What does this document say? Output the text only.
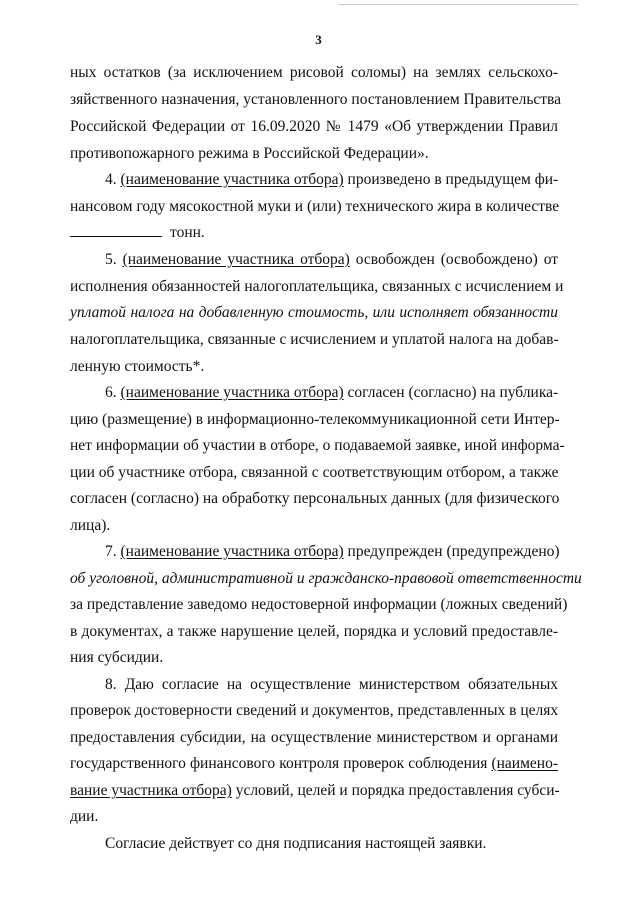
3
ных остатков (за исключением рисовой соломы) на землях сельскохо-
зяйственного назначения, установленного постановлением Правительства
Российской Федерации от 16.09.2020 № 1479 «Об утверждении Правил
противопожарного режима в Российской Федерации».
4. (наименование участника отбора) произведено в предыдущем фи-
нансовом году мясокостной муки и (или) технического жира в количестве
тонн.
5. (наименование участника отбора) освобожден (освобождено) от
исполнения обязанностей налогоплательщика, связанных с исчислением и
уплатой налога на добавленную стоимость, или исполняет обязанности
налогоплательщика, связанные с исчислением и уплатой налога на добав-
ленную стоимость*.
6. (наименование участника отбора) согласен (согласно) на публика-
цию (размещение) в информационно-телекоммуникационной сети Интер-
нет информации об участии в отборе, о подаваемой заявке, иной информа-
ции об участнике отбора, связанной с соответствующим отбором, а также
согласен (согласно) на обработку персональных данных (для физического
лица).
7. (наименование участника отбора) предупрежден (предупреждено)
об уголовной, административной и гражданско-правовой ответственности
за представление заведомо недостоверной информации (ложных сведений)
в документах, а также нарушение целей, порядка и условий предоставле-
ния субсидии.
8. Даю согласие на осуществление министерством обязательных
проверок достоверности сведений и документов, представленных в целях
предоставления субсидии, на осуществление министерством и органами
государственного финансового контроля проверок соблюдения (наимено-
вание участника отбора) условий, целей и порядка предоставления субси-
дии.
Согласие действует со дня подписания настоящей заявки.
